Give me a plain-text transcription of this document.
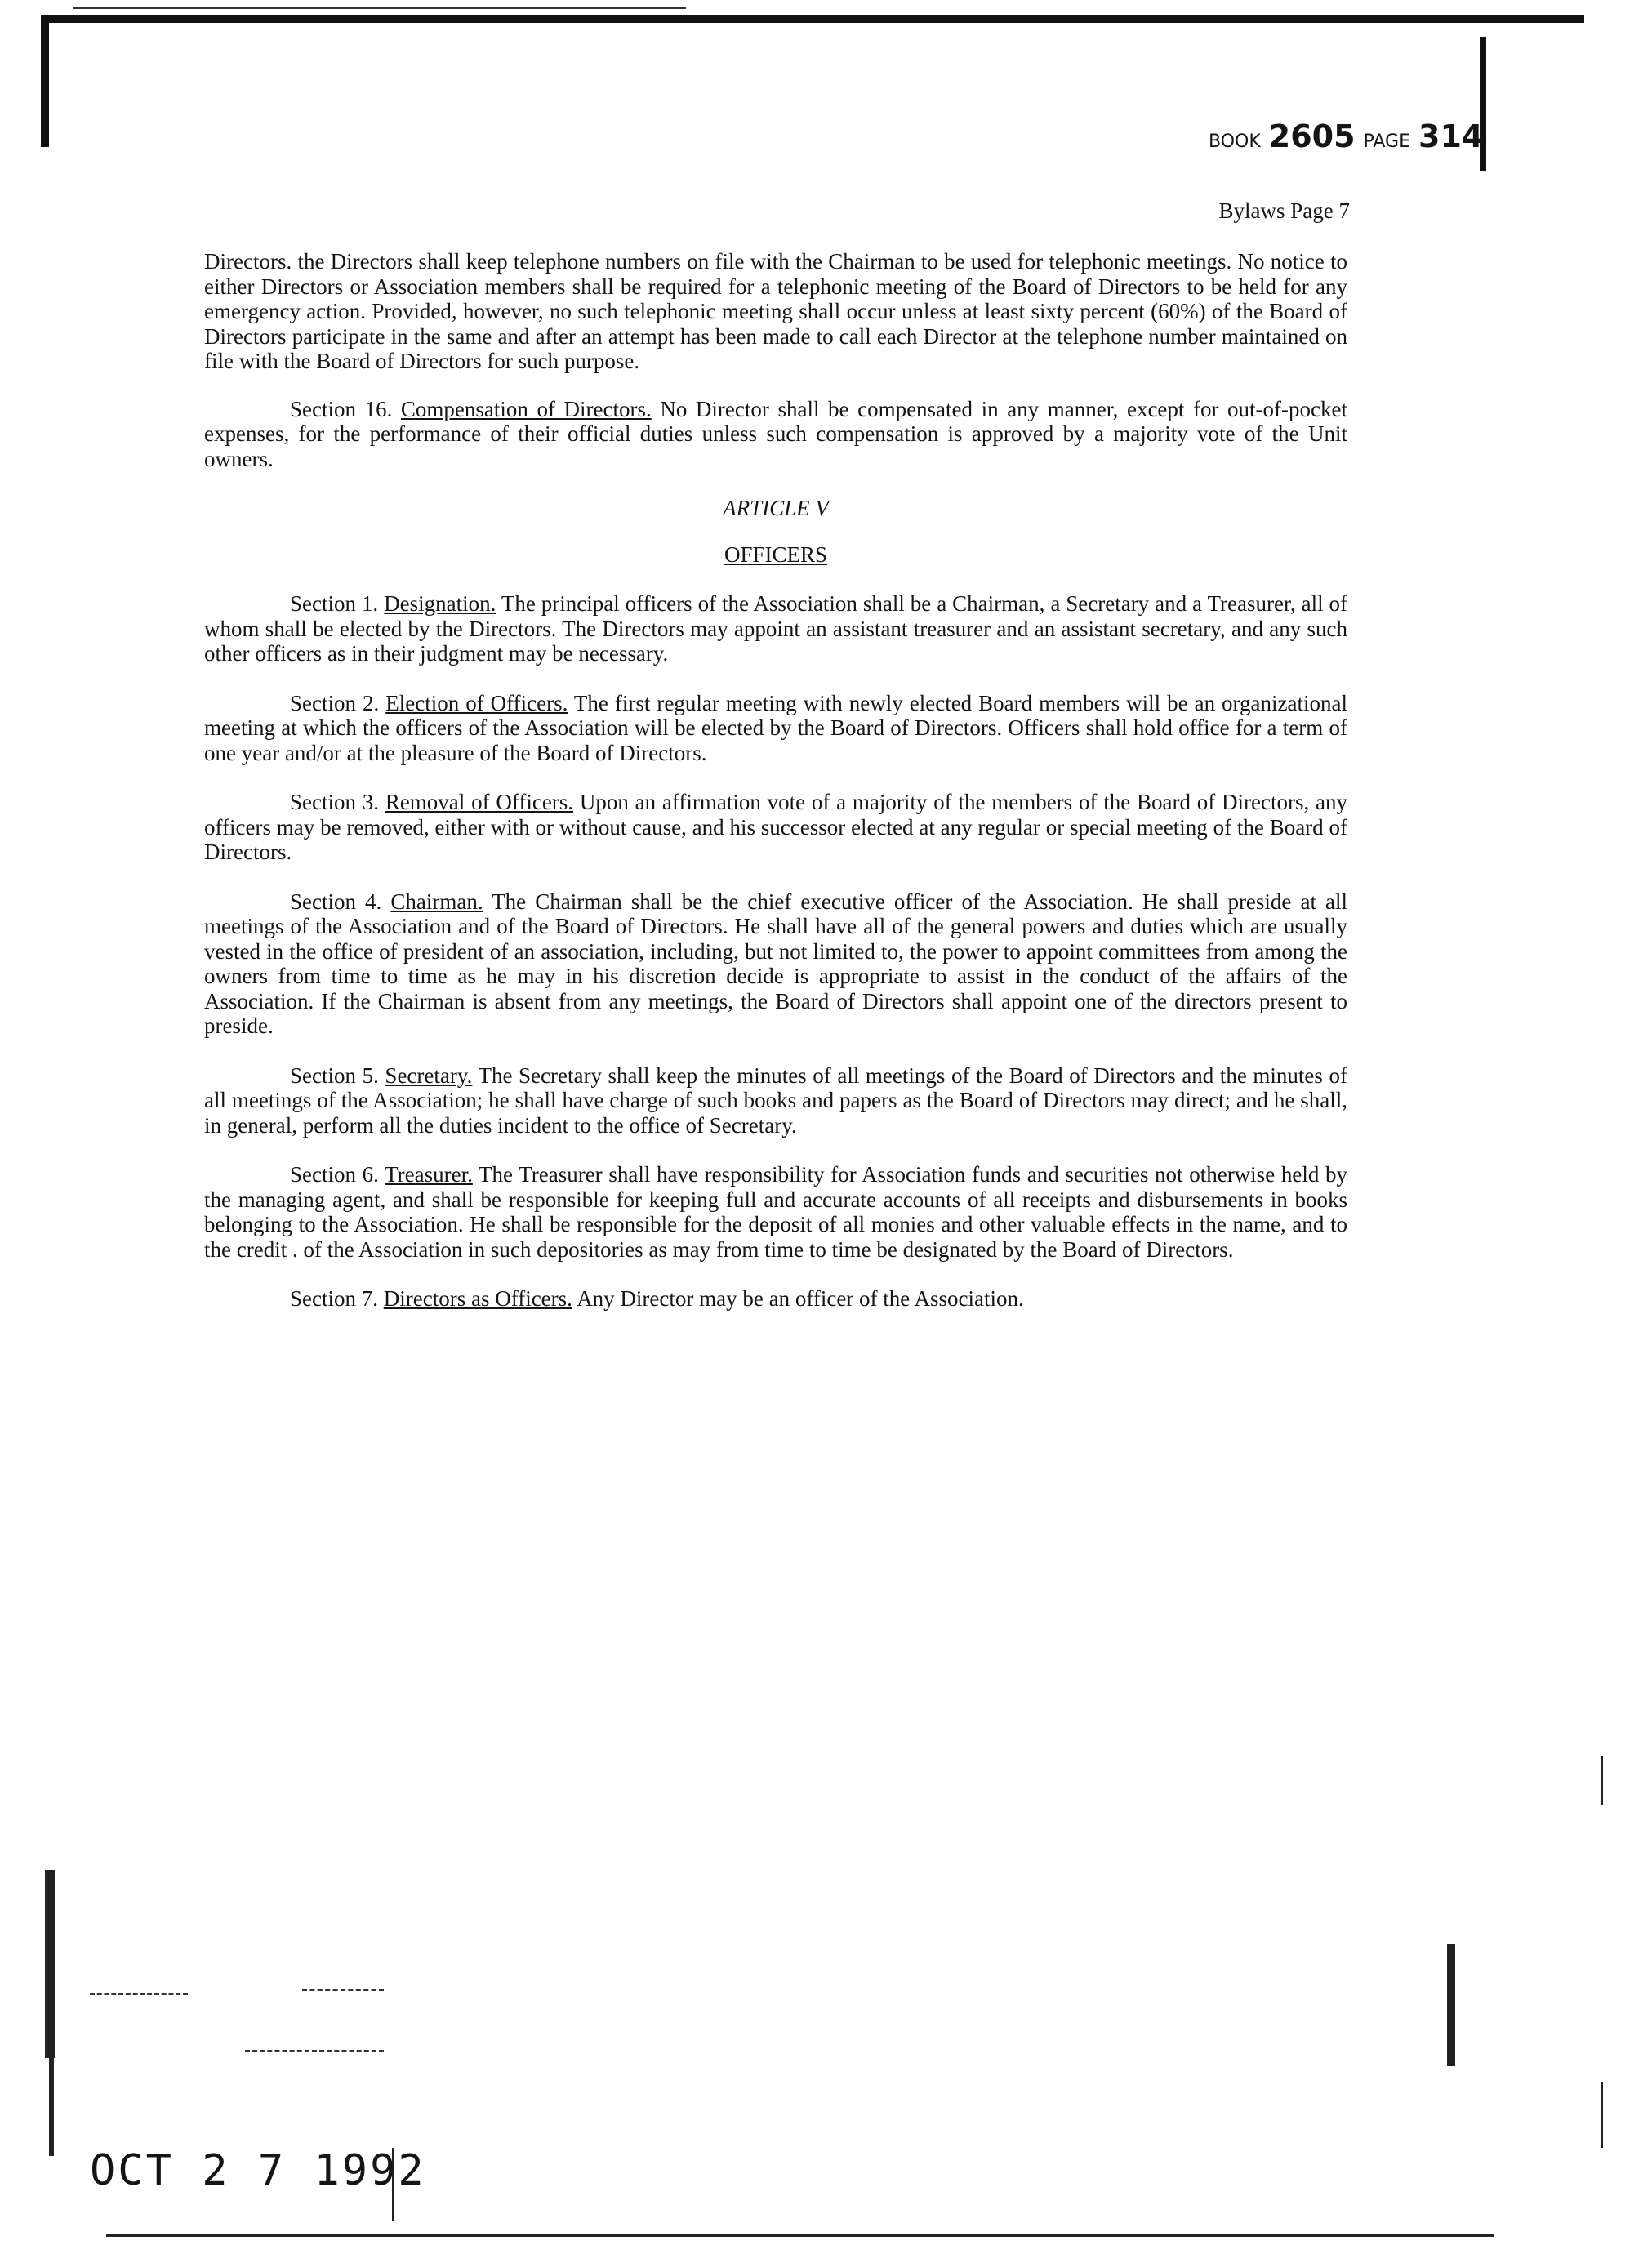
BOOK 2605 PAGE 314
Bylaws Page 7

Directors. the Directors shall keep telephone numbers on file with the Chairman to be used for telephonic meetings. No notice to either Directors or Association members shall be required for a telephonic meeting of the Board of Directors to be held for any emergency action. Provided, however, no such telephonic meeting shall occur unless at least sixty percent (60%) of the Board of Directors participate in the same and after an attempt has been made to call each Director at the telephone number maintained on file with the Board of Directors for such purpose.

Section 16. Compensation of Directors. No Director shall be compensated in any manner, except for out-of-pocket expenses, for the performance of their official duties unless such compensation is approved by a majority vote of the Unit owners.

ARTICLE V

OFFICERS

Section 1. Designation. The principal officers of the Association shall be a Chairman, a Secretary and a Treasurer, all of whom shall be elected by the Directors. The Directors may appoint an assistant treasurer and an assistant secretary, and any such other officers as in their judgment may be necessary.

Section 2. Election of Officers. The first regular meeting with newly elected Board members will be an organizational meeting at which the officers of the Association will be elected by the Board of Directors. Officers shall hold office for a term of one year and/or at the pleasure of the Board of Directors.

Section 3. Removal of Officers. Upon an affirmation vote of a majority of the members of the Board of Directors, any officers may be removed, either with or without cause, and his successor elected at any regular or special meeting of the Board of Directors.

Section 4. Chairman. The Chairman shall be the chief executive officer of the Association. He shall preside at all meetings of the Association and of the Board of Directors. He shall have all of the general powers and duties which are usually vested in the office of president of an association, including, but not limited to, the power to appoint committees from among the owners from time to time as he may in his discretion decide is appropriate to assist in the conduct of the affairs of the Association. If the Chairman is absent from any meetings, the Board of Directors shall appoint one of the directors present to preside.

Section 5. Secretary. The Secretary shall keep the minutes of all meetings of the Board of Directors and the minutes of all meetings of the Association; he shall have charge of such books and papers as the Board of Directors may direct; and he shall, in general, perform all the duties incident to the office of Secretary.

Section 6. Treasurer. The Treasurer shall have responsibility for Association funds and securities not otherwise held by the managing agent, and shall be responsible for keeping full and accurate accounts of all receipts and disbursements in books belonging to the Association. He shall be responsible for the deposit of all monies and other valuable effects in the name, and to the credit . of the Association in such depositories as may from time to time be designated by the Board of Directors.

Section 7. Directors as Officers. Any Director may be an officer of the Association.

OCT 2 7 1992
